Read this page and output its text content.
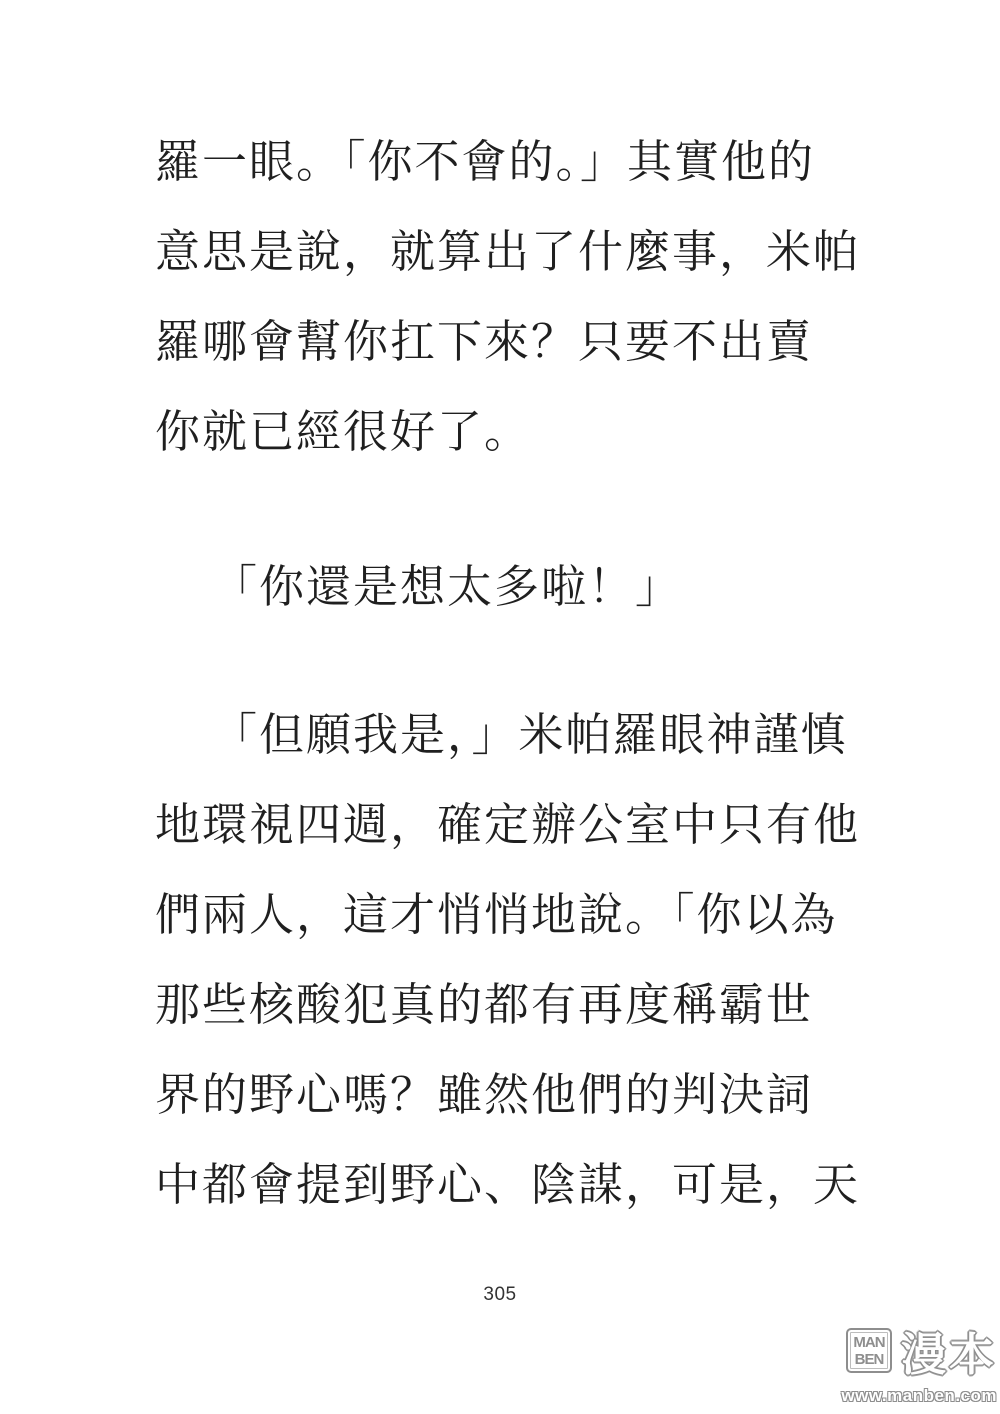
羅一眼。「你不會的。」其實他的
意思是說，就算出了什麼事，米帕
羅哪會幫你扛下來？只要不出賣
你就已經很好了。
「你還是想太多啦！」
「但願我是，」米帕羅眼神謹慎
地環視四週，確定辦公室中只有他
們兩人，這才悄悄地說。「你以為
那些核酸犯真的都有再度稱霸世
界的野心嗎？雖然他們的判決詞
中都會提到野心、陰謀，可是，天
305
MAN
BEN 漫本
www.manben.com
